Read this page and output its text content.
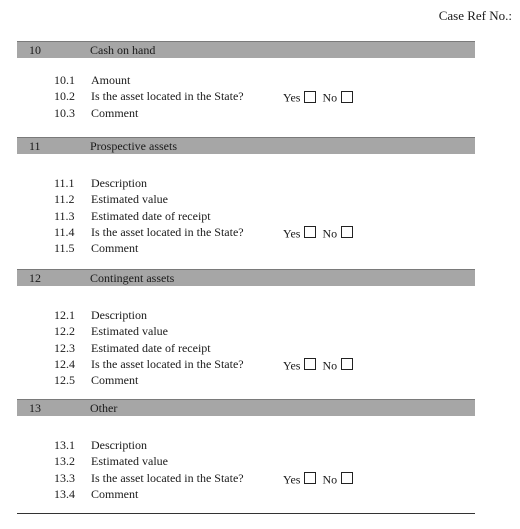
Case Ref No.:
10	Cash on hand
10.1 Amount
10.2 Is the asset located in the State?	Yes No
10.3 Comment
11	Prospective assets
11.1 Description
11.2 Estimated value
11.3 Estimated date of receipt
11.4 Is the asset located in the State?	Yes No
11.5 Comment
12	Contingent assets
12.1 Description
12.2 Estimated value
12.3 Estimated date of receipt
12.4 Is the asset located in the State?	Yes No
12.5 Comment
13	Other
13.1 Description
13.2 Estimated value
13.3 Is the asset located in the State?	Yes No
13.4 Comment
